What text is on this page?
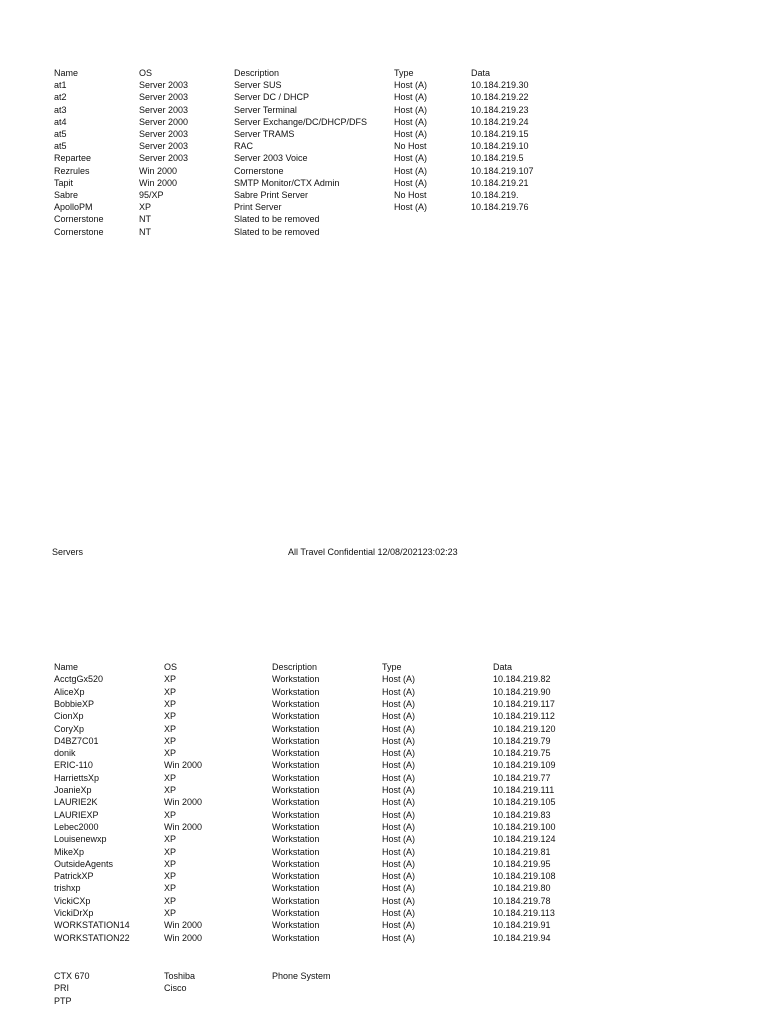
Name	OS	Description	Type	Data
at1	Server 2003	Server SUS	Host (A)	10.184.219.30
at2	Server 2003	Server DC / DHCP	Host (A)	10.184.219.22
at3	Server 2003	Server Terminal	Host (A)	10.184.219.23
at4	Server 2000	Server Exchange/DC/DHCP/DFS	Host (A)	10.184.219.24
at5	Server 2003	Server TRAMS	Host (A)	10.184.219.15
at5	Server 2003	RAC	No Host	10.184.219.10
Repartee	Server 2003	Server 2003 Voice	Host (A)	10.184.219.5
Rezrules	Win 2000	Cornerstone	Host (A)	10.184.219.107
Tapit	Win 2000	SMTP Monitor/CTX Admin	Host (A)	10.184.219.21
Sabre	95/XP	Sabre Print Server	No Host	10.184.219.
ApolloPM	XP	Print Server	Host (A)	10.184.219.76
Cornerstone	NT	Slated to be removed
Cornerstone	NT	Slated to be removed
Servers	All Travel Confidential 12/08/202123:02:23
Name	OS	Description	Type	Data
AcctgGx520	XP	Workstation	Host (A)	10.184.219.82
AliceXp	XP	Workstation	Host (A)	10.184.219.90
BobbieXP	XP	Workstation	Host (A)	10.184.219.117
CionXp	XP	Workstation	Host (A)	10.184.219.112
CoryXp	XP	Workstation	Host (A)	10.184.219.120
D4BZ7C01	XP	Workstation	Host (A)	10.184.219.79
donik	XP	Workstation	Host (A)	10.184.219.75
ERIC-110	Win 2000	Workstation	Host (A)	10.184.219.109
HarriettsXp	XP	Workstation	Host (A)	10.184.219.77
JoanieXp	XP	Workstation	Host (A)	10.184.219.111
LAURIE2K	Win 2000	Workstation	Host (A)	10.184.219.105
LAURIEXP	XP	Workstation	Host (A)	10.184.219.83
Lebec2000	Win 2000	Workstation	Host (A)	10.184.219.100
Louisenewxp	XP	Workstation	Host (A)	10.184.219.124
MikeXp	XP	Workstation	Host (A)	10.184.219.81
OutsideAgents	XP	Workstation	Host (A)	10.184.219.95
PatrickXP	XP	Workstation	Host (A)	10.184.219.108
trishxp	XP	Workstation	Host (A)	10.184.219.80
VickiCXp	XP	Workstation	Host (A)	10.184.219.78
VickiDrXp	XP	Workstation	Host (A)	10.184.219.113
WORKSTATION14	Win 2000	Workstation	Host (A)	10.184.219.91
WORKSTATION22	Win 2000	Workstation	Host (A)	10.184.219.94
CTX 670	Toshiba	Phone System
PRI	Cisco
PTP
